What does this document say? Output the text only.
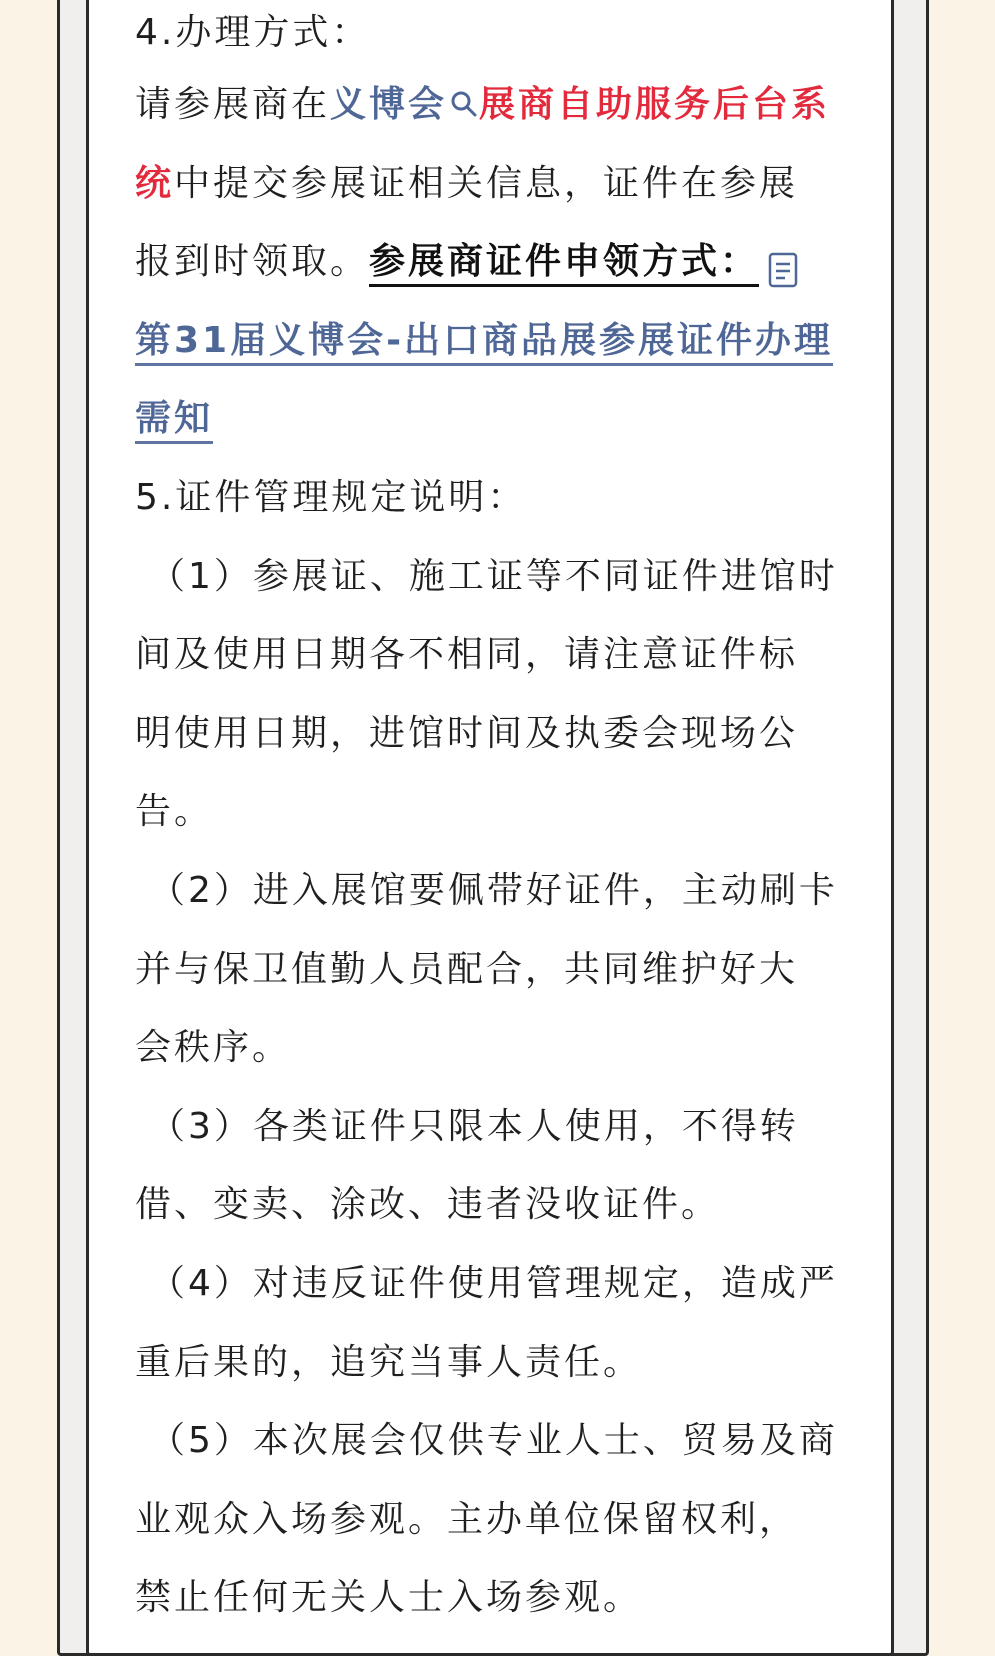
4.办理方式：
请参展商在义博会 展商自助服务后台系
统中提交参展证相关信息，证件在参展
报到时领取。参展商证件申领方式：
第31届义博会-出口商品展参展证件办理
需知
5.证件管理规定说明：
（1）参展证、施工证等不同证件进馆时
间及使用日期各不相同，请注意证件标
明使用日期，进馆时间及执委会现场公
告。
（2）进入展馆要佩带好证件，主动刷卡
并与保卫值勤人员配合，共同维护好大
会秩序。
（3）各类证件只限本人使用，不得转
借、变卖、涂改、违者没收证件。
（4）对违反证件使用管理规定，造成严
重后果的，追究当事人责任。
（5）本次展会仅供专业人士、贸易及商
业观众入场参观。主办单位保留权利，
禁止任何无关人士入场参观。
